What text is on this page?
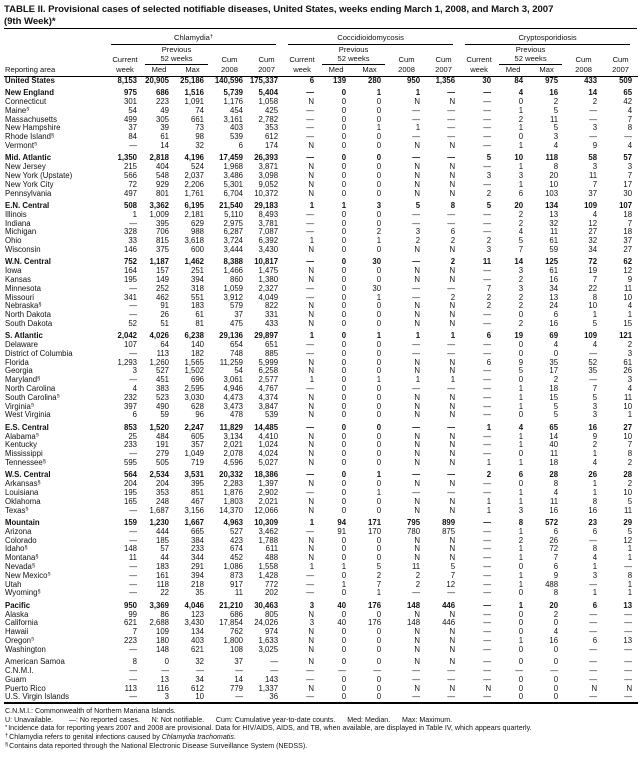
TABLE II. Provisional cases of selected notifiable diseases, United States, weeks ending March 1, 2008, and March 3, 2007
(9th Week)*
Reporting area	Chlamydia†					Coccidioidomycosis					Cryptosporidiosis				

		Previous					Previous					Previous			
	Current	52 weeks		Cum	Cum	Current	52 weeks		Cum	Cum	Current	52 weeks		Cum	Cum
	week	Med	Max	2008	2007	week	Med	Max	2008	2007	week	Med	Max	2008	2007
United States	8,153	20,905	25,186	140,596	175,337	6	139	280	950	1,356	30	84	975	433	509

New England	975	686	1,516	5,739	5,404	—	0	1	1	—	—	4	16	14	65
Connecticut	301	223	1,091	1,176	1,058	N	0	0	N	N	—	0	2	2	42
Maine§	54	49	74	454	425	—	0	0	—	—	—	1	5	—	4
Massachusetts	499	305	661	3,161	2,782	—	0	0	—	—	—	2	11	—	7
New Hampshire	37	39	73	403	353	—	0	1	1	—	—	1	5	3	8
Rhode Island§	84	61	98	539	612	—	0	0	—	—	—	0	3	—	—
Vermont§	—	14	32	6	174	N	0	0	N	N	—	1	4	9	4

Mid. Atlantic	1,350	2,818	4,196	17,459	26,393	—	0	0	—	—	5	10	118	58	57
New Jersey	215	404	524	1,968	3,871	N	0	0	N	N	—	1	8	3	3
New York (Upstate)	566	548	2,037	3,486	3,098	N	0	0	N	N	3	3	20	11	7
New York City	72	929	2,206	5,301	9,052	N	0	0	N	N	—	1	10	7	17
Pennsylvania	497	801	1,761	6,704	10,372	N	0	0	N	N	2	6	103	37	30

E.N. Central	508	3,362	6,195	21,540	29,183	1	1	3	5	8	5	20	134	109	107
Illinois	1	1,009	2,181	5,110	8,493	—	0	0	—	—	—	2	13	4	18
Indiana	—	395	629	2,975	3,781	—	0	0	—	—	—	2	32	12	7
Michigan	328	706	988	6,287	7,087	—	0	2	3	6	—	4	11	27	18
Ohio	33	815	3,618	3,724	6,392	1	0	1	2	2	2	5	61	32	37
Wisconsin	146	375	600	3,444	3,430	N	0	0	N	N	3	7	59	34	27

W.N. Central	752	1,187	1,462	8,388	10,817	—	0	30	—	2	11	14	125	72	62
Iowa	164	157	251	1,466	1,475	N	0	0	N	N	—	3	61	19	12
Kansas	195	149	394	860	1,380	N	0	0	N	N	—	2	16	7	9
Minnesota	—	252	318	1,059	2,327	—	0	30	—	—	7	3	34	22	11
Missouri	341	462	551	3,912	4,049	—	0	1	—	2	2	2	13	8	10
Nebraska§	—	91	183	579	822	N	0	0	N	N	2	2	24	10	4
North Dakota	—	26	61	37	331	N	0	0	N	N	—	0	6	1	1
South Dakota	52	51	81	475	433	N	0	0	N	N	—	2	16	5	15

S. Atlantic	2,042	4,026	6,238	29,136	29,897	1	0	1	1	1	6	19	69	109	121
Delaware	107	64	140	654	651	—	0	0	—	—	—	0	4	4	2
District of Columbia	—	113	182	748	885	—	0	0	—	—	—	0	0	—	3
Florida	1,293	1,260	1,565	11,259	5,999	N	0	0	N	N	6	9	35	52	61
Georgia	3	527	1,502	54	6,258	N	0	0	N	N	—	5	17	35	26
Maryland§	—	451	696	3,061	2,577	1	0	1	1	1	—	0	2	—	3
North Carolina	4	383	2,595	4,946	4,767	—	0	0	—	—	—	1	18	7	4
South Carolina§	232	523	3,030	4,473	4,374	N	0	0	N	N	—	1	15	5	11
Virginia§	397	490	628	3,473	3,847	N	0	0	N	N	—	1	5	3	10
West Virginia	6	59	96	478	539	N	0	0	N	N	—	0	5	3	1

E.S. Central	853	1,520	2,247	11,829	14,485	—	0	0	—	—	1	4	65	16	27
Alabama§	25	484	605	3,134	4,410	N	0	0	N	N	—	1	14	9	10
Kentucky	233	191	357	2,021	1,024	N	0	0	N	N	—	1	40	2	7
Mississippi	—	279	1,049	2,078	4,024	N	0	0	N	N	—	0	11	1	8
Tennessee§	595	505	719	4,596	5,027	N	0	0	N	N	1	1	18	4	2

W.S. Central	564	2,534	3,531	20,332	18,386	—	0	1	—	—	2	6	28	26	28
Arkansas§	204	204	395	2,283	1,397	N	0	0	N	N	—	0	8	1	2
Louisiana	195	353	851	1,876	2,902	—	0	1	—	—	—	1	4	1	10
Oklahoma	165	248	467	1,803	2,021	N	0	0	N	N	1	1	11	8	5
Texas§	—	1,687	3,156	14,370	12,066	N	0	0	N	N	1	3	16	16	11

Mountain	159	1,230	1,667	4,963	10,309	1	94	171	795	899	—	8	572	23	29
Arizona	—	444	665	527	3,462	—	91	170	780	875	—	1	6	6	5
Colorado	—	185	384	423	1,788	N	0	0	N	N	—	2	26	—	12
Idaho§	148	57	233	674	611	N	0	0	N	N	—	1	72	8	1
Montana§	11	44	344	452	488	N	0	0	N	N	—	1	7	4	1
Nevada§	—	183	291	1,086	1,558	1	1	5	11	5	—	0	6	1	—
New Mexico§	—	161	394	873	1,428	—	0	2	2	7	—	1	9	3	8
Utah	—	118	218	917	772	—	1	7	2	12	—	1	488	—	1
Wyoming§	—	22	35	11	202	—	0	1	—	—	—	0	8	1	1

Pacific	950	3,369	4,046	21,210	30,463	3	40	176	148	446	—	1	20	6	13
Alaska	99	86	123	686	805	N	0	0	N	N	—	0	2	—	—
California	621	2,688	3,430	17,854	24,026	3	40	176	148	446	—	0	0	—	—
Hawaii	7	109	134	762	974	N	0	0	N	N	—	0	4	—	—
Oregon§	223	180	403	1,800	1,633	N	0	0	N	N	—	1	16	6	13
Washington	—	148	621	108	3,025	N	0	0	N	N	—	0	0	—	—

American Samoa	8	0	32	37	—	N	0	0	N	N	—	0	0	—	—
C.N.M.I.	—	—	—	—	—	—	—	—	—	—	—	—	—	—	—
Guam	—	13	34	14	143	—	0	0	—	—	—	0	0	—	—
Puerto Rico	113	116	612	779	1,337	N	0	0	N	N	N	0	0	N	N
U.S. Virgin Islands	—	3	10	—	36	—	0	0	—	—	—	0	0	—	—
C.N.M.I.: Commonwealth of Northern Mariana Islands.
U: Unavailable.        —: No reported cases.      N: Not notifiable.      Cum: Cumulative year-to-date counts.      Med: Median.      Max: Maximum.
*Incidence data for reporting years 2007 and 2008 are provisional. Data for HIV/AIDS, AIDS, and TB, when available, are displayed in Table IV, which appears quarterly.
†Chlamydia refers to genital infections caused by Chlamydia trachomatis.
§Contains data reported through the National Electronic Disease Surveillance System (NEDSS).
